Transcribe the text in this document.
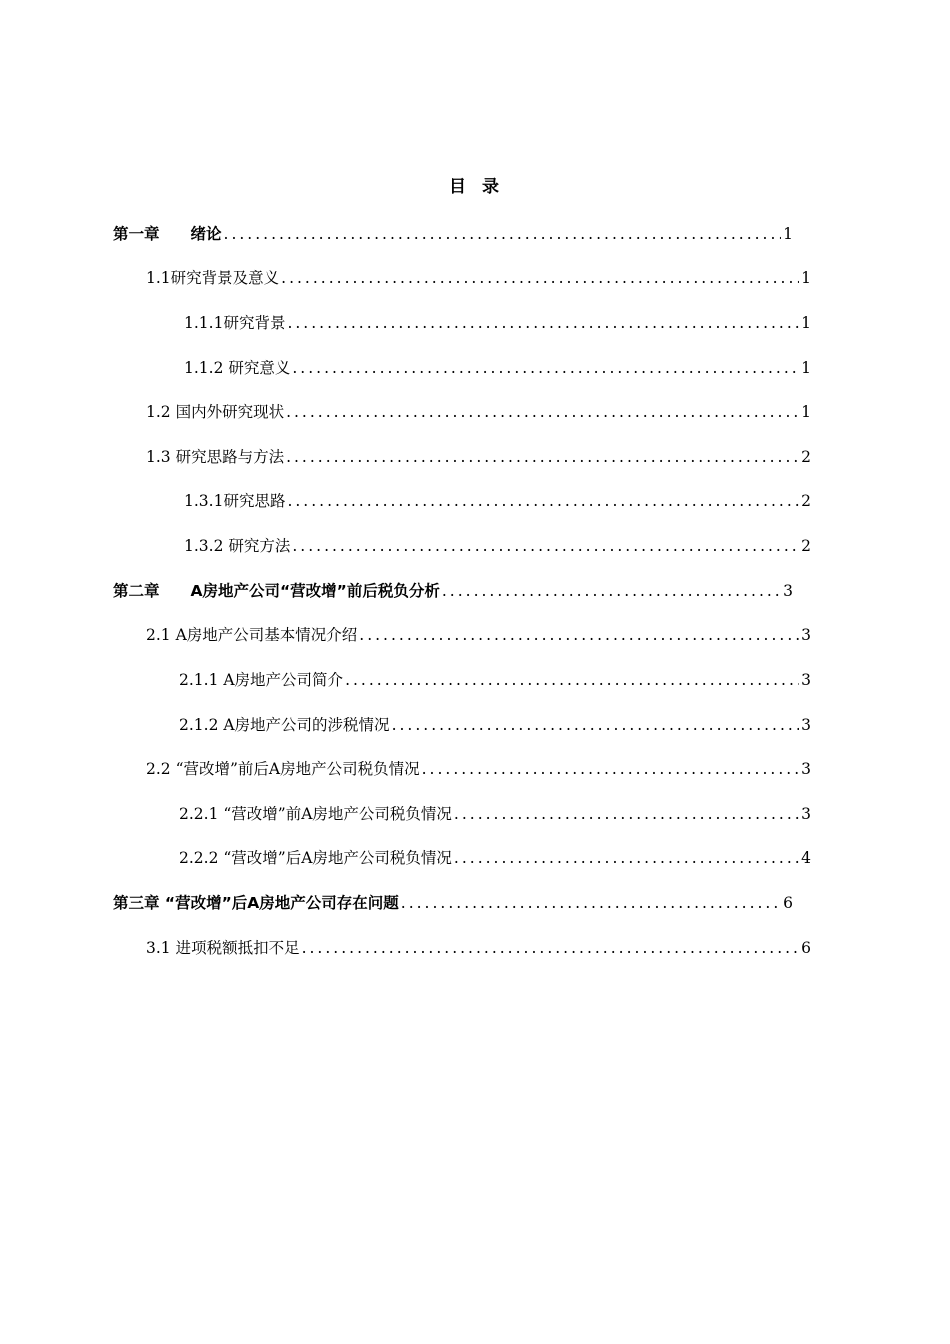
目 录
第一章　　绪论 .....	1
1.1研究背景及意义 .....	1
1.1.1研究背景 .....	1
1.1.2 研究意义 .....	1
1.2 国内外研究现状 .....	1
1.3 研究思路与方法 .....	2
1.3.1研究思路 .....	2
1.3.2 研究方法 .....	2
第二章　　A房地产公司“营改增”前后税负分析 .....	3
2.1 A房地产公司基本情况介绍 .....	3
2.1.1 A房地产公司简介 .....	3
2.1.2 A房地产公司的涉税情况 .....	3
2.2 “营改增”前后A房地产公司税负情况 .....	3
2.2.1 “营改增”前A房地产公司税负情况 .....	3
2.2.2 “营改增”后A房地产公司税负情况 .....	4
第三章 “营改增”后A房地产公司存在问题 .....	6
3.1 进项税额抵扣不足 .....	6
